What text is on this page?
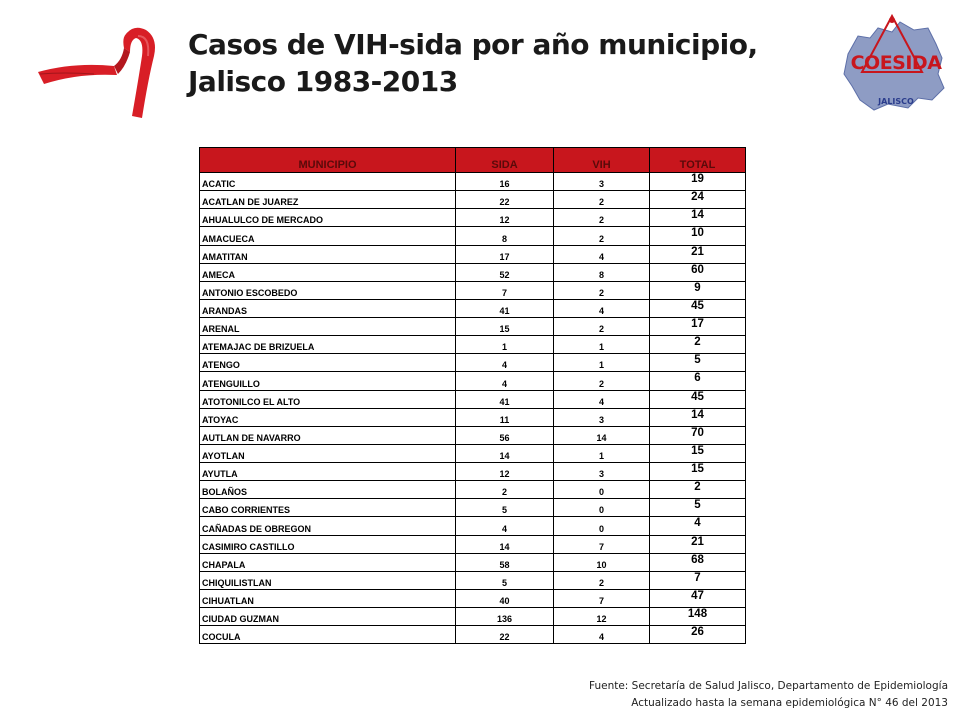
Casos de VIH-sida por año municipio,
Jalisco 1983-2013
COESIDA
JALISCO
MUNICIPIO	SIDA	VIH	TOTAL
ACATIC	16	3	19
ACATLAN DE JUAREZ	22	2	24
AHUALULCO DE MERCADO	12	2	14
AMACUECA	8	2	10
AMATITAN	17	4	21
AMECA	52	8	60
ANTONIO ESCOBEDO	7	2	9
ARANDAS	41	4	45
ARENAL	15	2	17
ATEMAJAC DE BRIZUELA	1	1	2
ATENGO	4	1	5
ATENGUILLO	4	2	6
ATOTONILCO EL ALTO	41	4	45
ATOYAC	11	3	14
AUTLAN DE NAVARRO	56	14	70
AYOTLAN	14	1	15
AYUTLA	12	3	15
BOLAÑOS	2	0	2
CABO CORRIENTES	5	0	5
CAÑADAS DE OBREGON	4	0	4
CASIMIRO CASTILLO	14	7	21
CHAPALA	58	10	68
CHIQUILISTLAN	5	2	7
CIHUATLAN	40	7	47
CIUDAD GUZMAN	136	12	148
COCULA	22	4	26
Fuente: Secretaría de Salud Jalisco, Departamento de Epidemiología
Actualizado hasta la semana epidemiológica N° 46 del 2013
